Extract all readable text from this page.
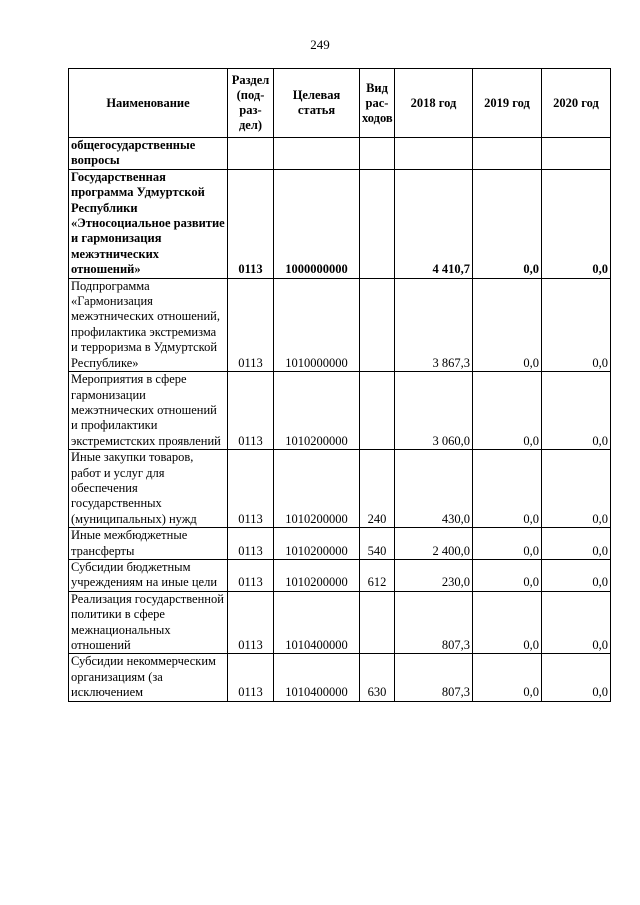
249
Наименование	Раздел (под-раз-дел)	Целевая статья	Вид рас-ходов	2018 год	2019 год	2020 год
общегосударственные вопросы						
Государственная программа Удмуртской Республики «Этносоциальное развитие и гармонизация межэтнических отношений»	0113	1000000000		4 410,7	0,0	0,0
Подпрограмма «Гармонизация межэтнических отношений, профилактика экстремизма и терроризма в Удмуртской Республике»	0113	1010000000		3 867,3	0,0	0,0
Мероприятия в сфере гармонизации межэтнических отношений и профилактики экстремистских проявлений	0113	1010200000		3 060,0	0,0	0,0
Иные закупки товаров, работ и услуг для обеспечения государственных (муниципальных) нужд	0113	1010200000	240	430,0	0,0	0,0
Иные межбюджетные трансферты	0113	1010200000	540	2 400,0	0,0	0,0
Субсидии бюджетным учреждениям на иные цели	0113	1010200000	612	230,0	0,0	0,0
Реализация государственной политики в сфере межнациональных отношений	0113	1010400000		807,3	0,0	0,0
Субсидии некоммерческим организациям (за исключением	0113	1010400000	630	807,3	0,0	0,0
